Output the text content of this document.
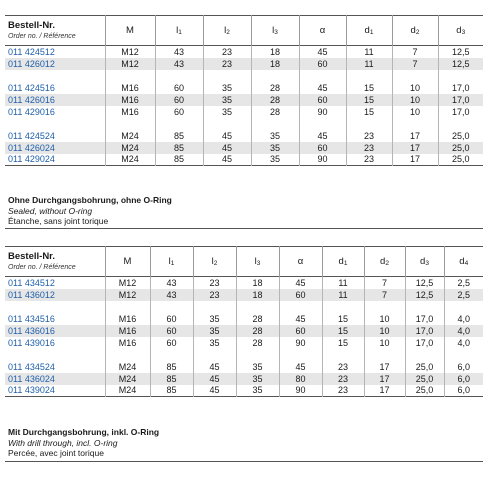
Bestell-Nr.
Order no. / Référence	M	$l_1$	$l_2$	$l_3$	α	$d_1$	$d_2$	$d_3$
011 424512	M12	43	23	18	45	11	7	12,5
011 426012	M12	43	23	18	60	11	7	12,5

011 424516	M16	60	35	28	45	15	10	17,0
011 426016	M16	60	35	28	60	15	10	17,0
011 429016	M16	60	35	28	90	15	10	17,0

011 424524	M24	85	45	35	45	23	17	25,0
011 426024	M24	85	45	35	60	23	17	25,0
011 429024	M24	85	45	35	90	23	17	25,0
Ohne Durchgangsbohrung, ohne O-Ring
Sealed, without O-ring
Étanche, sans joint torique
Bestell-Nr.
Order no. / Référence	M	$l_1$	$l_2$	$l_3$	α	$d_1$	$d_2$	$d_3$	$d_4$
011 434512	M12	43	23	18	45	11	7	12,5	2,5
011 436012	M12	43	23	18	60	11	7	12,5	2,5

011 434516	M16	60	35	28	45	15	10	17,0	4,0
011 436016	M16	60	35	28	60	15	10	17,0	4,0
011 439016	M16	60	35	28	90	15	10	17,0	4,0

011 434524	M24	85	45	35	45	23	17	25,0	6,0
011 436024	M24	85	45	35	80	23	17	25,0	6,0
011 439024	M24	85	45	35	90	23	17	25,0	6,0
Mit Durchgangsbohrung, inkl. O-Ring
With drill through, incl. O-ring
Percée, avec joint torique
